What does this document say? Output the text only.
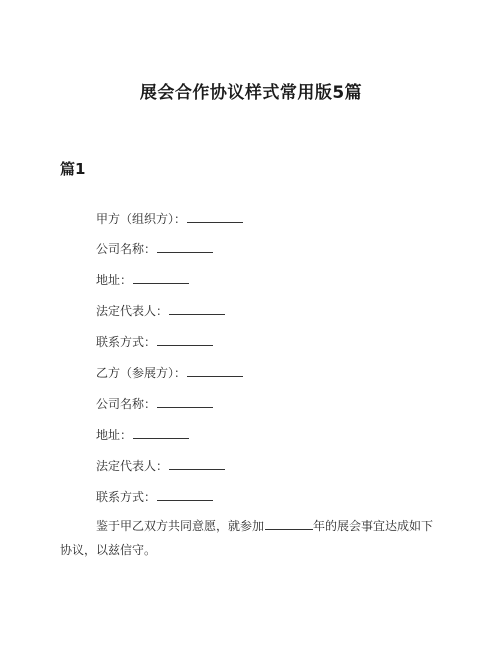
展会合作协议样式常用版5篇
篇1
甲方（组织方）：
公司名称：
地址：
法定代表人：
联系方式：
乙方（参展方）：
公司名称：
地址：
法定代表人：
联系方式：
鉴于甲乙双方共同意愿，就参加	年的展会事宜达成如下协议，以兹信守。
